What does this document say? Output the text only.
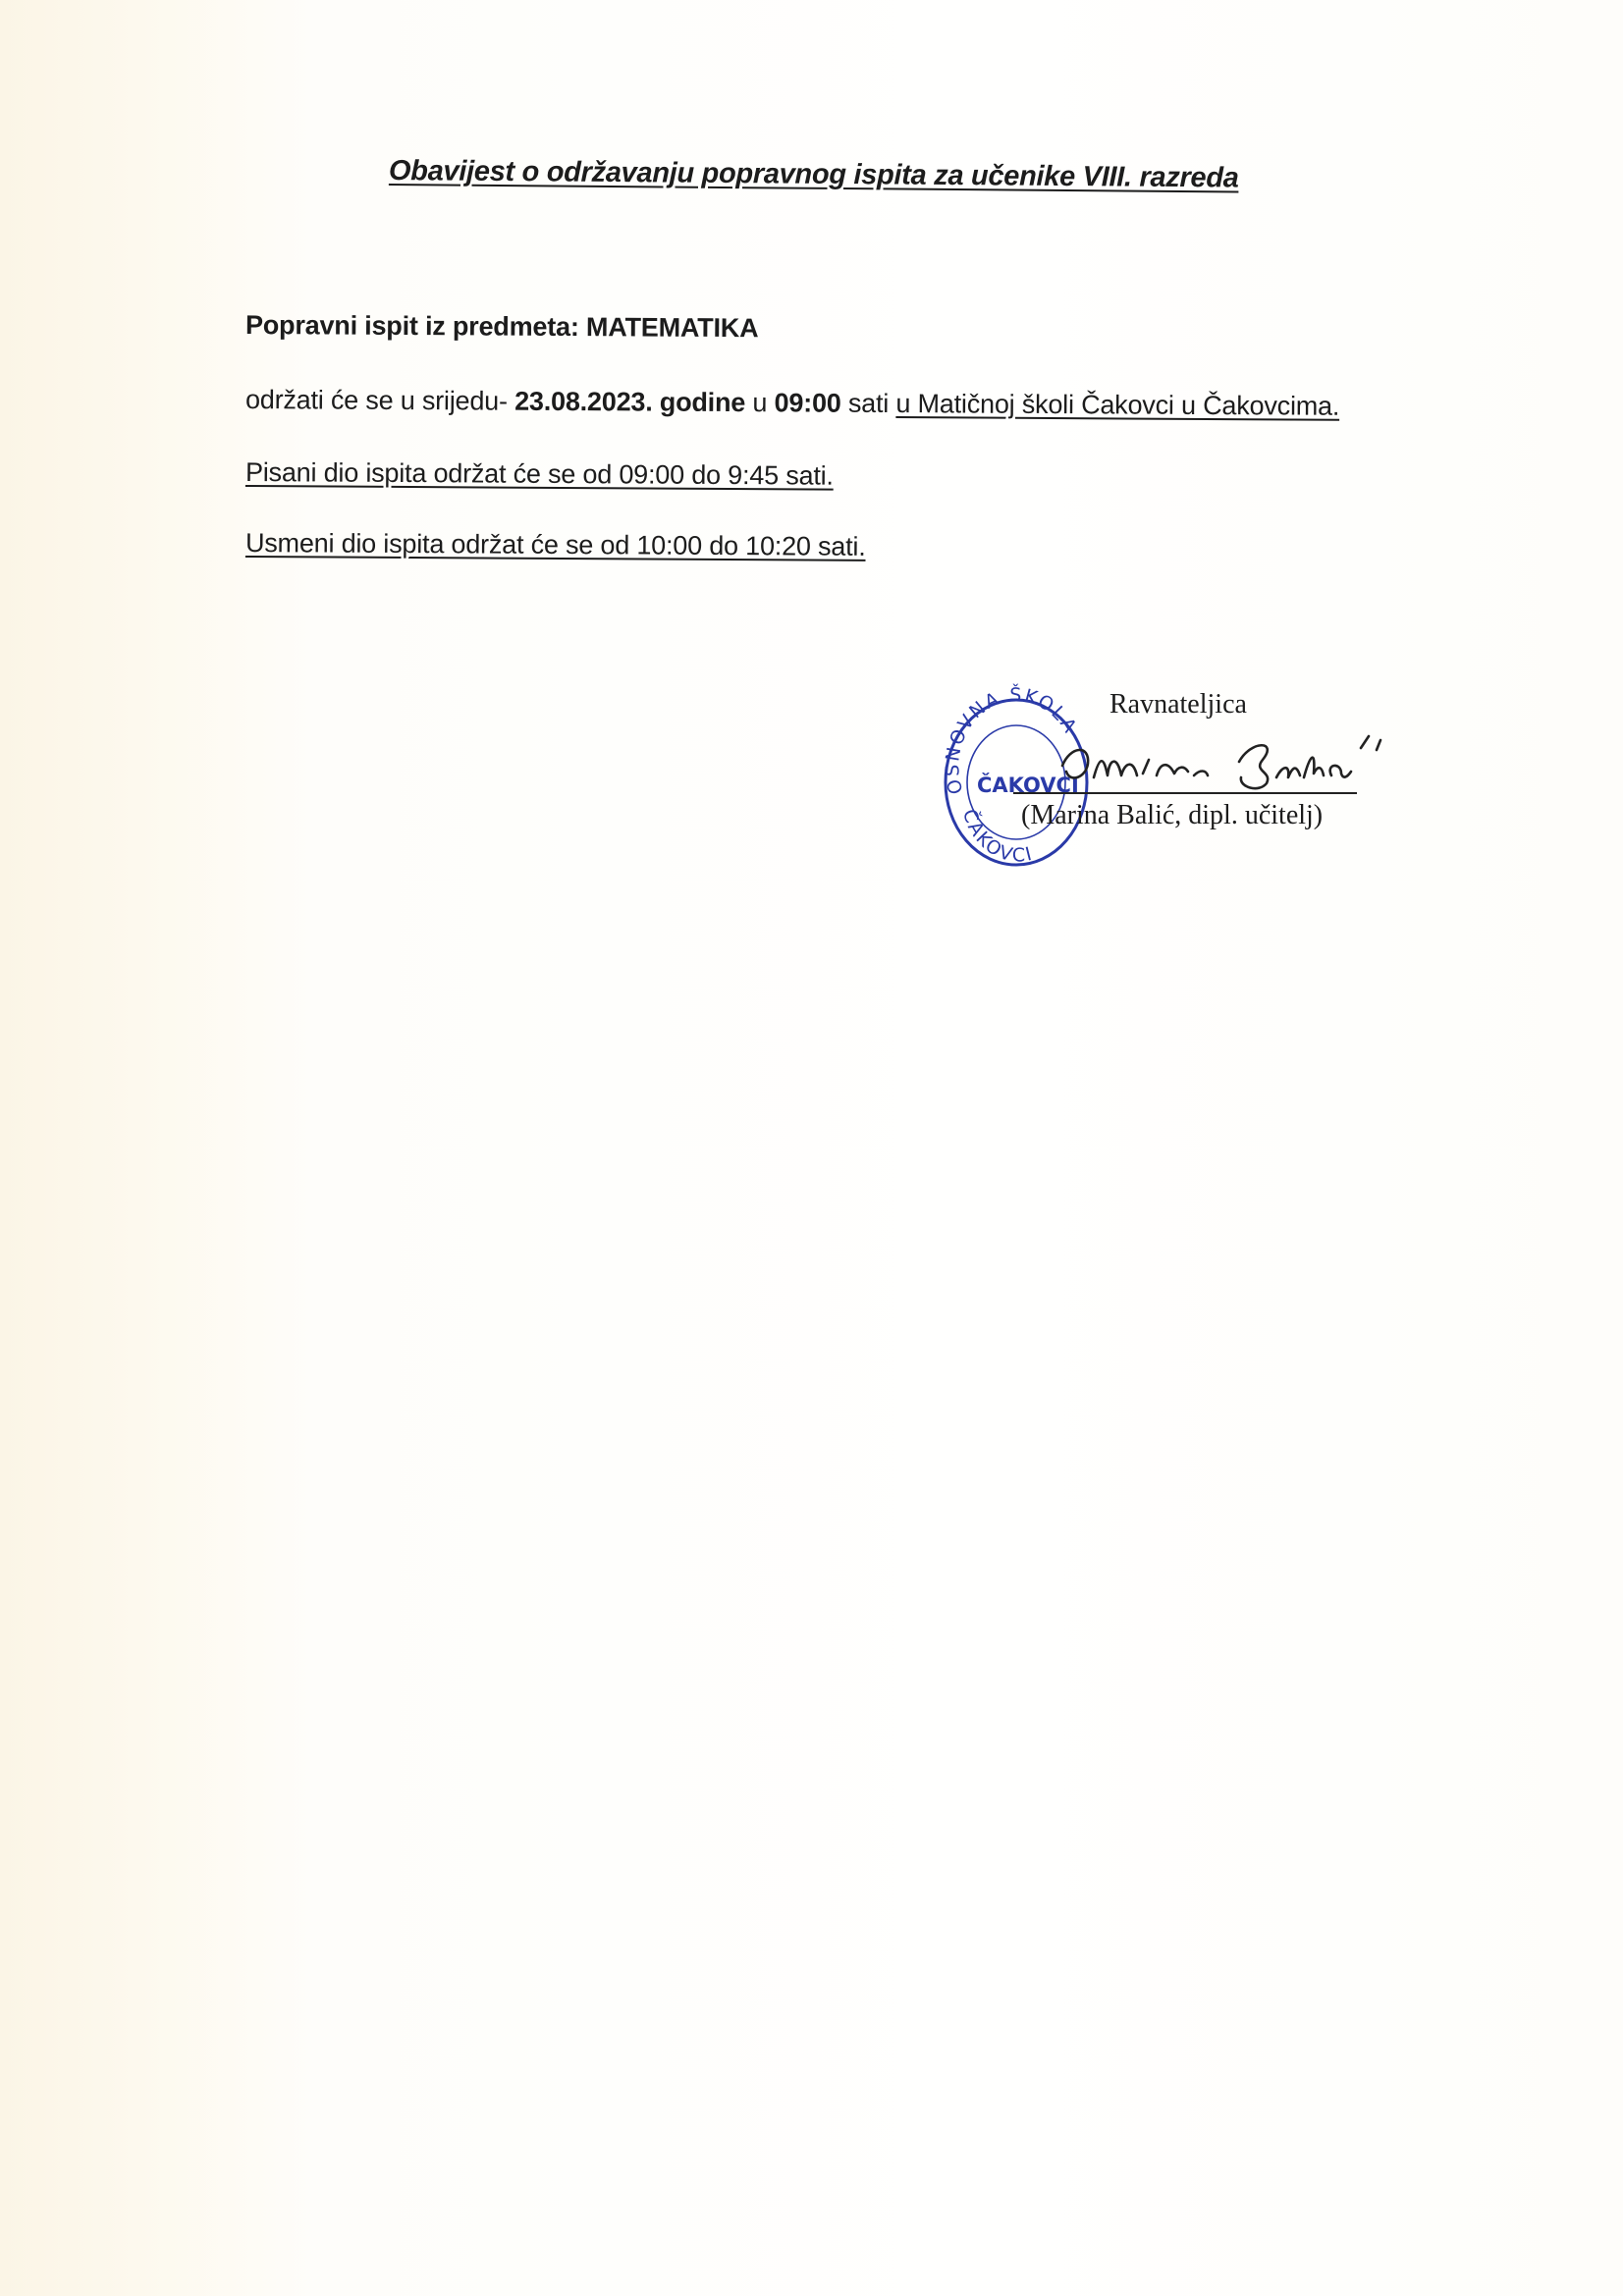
Obavijest o održavanju popravnog ispita za učenike VIII. razreda
Popravni ispit iz predmeta: MATEMATIKA
održati će se u srijedu- 23.08.2023. godine u 09:00 sati u Matičnoj školi Čakovci u Čakovcima.
Pisani dio ispita održat će se od 09:00 do 9:45 sati.
Usmeni dio ispita održat će se od 10:00 do 10:20 sati.
OSNOVNA ŠKOLA
ČAKOVCI
ČAKOVCI
Ravnateljica
(Marina Balić, dipl. učitelj)
